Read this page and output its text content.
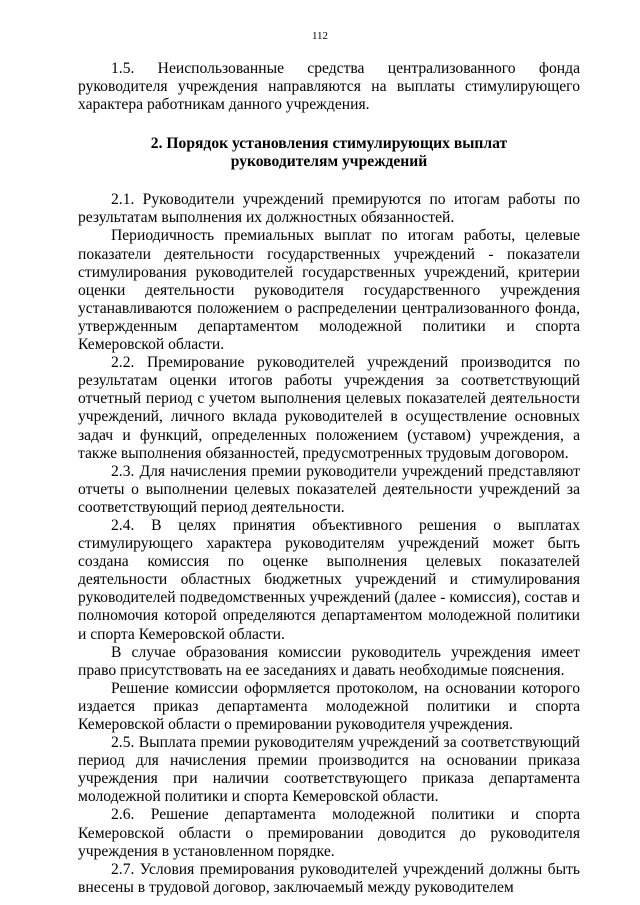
112

1.5. Неиспользованные средства централизованного фонда руководителя учреждения направляются на выплаты стимулирующего характера работникам данного учреждения.

2. Порядок установления стимулирующих выплат
руководителям учреждений

2.1. Руководители учреждений премируются по итогам работы по результатам выполнения их должностных обязанностей.

Периодичность премиальных выплат по итогам работы, целевые показатели деятельности государственных учреждений - показатели стимулирования руководителей государственных учреждений, критерии оценки деятельности руководителя государственного учреждения устанавливаются положением о распределении централизованного фонда, утвержденным департаментом молодежной политики и спорта Кемеровской области.

2.2. Премирование руководителей учреждений производится по результатам оценки итогов работы учреждения за соответствующий отчетный период с учетом выполнения целевых показателей деятельности учреждений, личного вклада руководителей в осуществление основных задач и функций, определенных положением (уставом) учреждения, а также выполнения обязанностей, предусмотренных трудовым договором.

2.3. Для начисления премии руководители учреждений представляют отчеты о выполнении целевых показателей деятельности учреждений за соответствующий период деятельности.

2.4. В целях принятия объективного решения о выплатах стимулирующего характера руководителям учреждений может быть создана комиссия по оценке выполнения целевых показателей деятельности областных бюджетных учреждений и стимулирования руководителей подведомственных учреждений (далее - комиссия), состав и полномочия которой определяются департаментом молодежной политики и спорта Кемеровской области.

В случае образования комиссии руководитель учреждения имеет право присутствовать на ее заседаниях и давать необходимые пояснения.

Решение комиссии оформляется протоколом, на основании которого издается приказ департамента молодежной политики и спорта Кемеровской области о премировании руководителя учреждения.

2.5. Выплата премии руководителям учреждений за соответствующий период для начисления премии производится на основании приказа учреждения при наличии соответствующего приказа департамента молодежной политики и спорта Кемеровской области.

2.6. Решение департамента молодежной политики и спорта Кемеровской области о премировании доводится до руководителя учреждения в установленном порядке.

2.7. Условия премирования руководителей учреждений должны быть внесены в трудовой договор, заключаемый между руководителем
